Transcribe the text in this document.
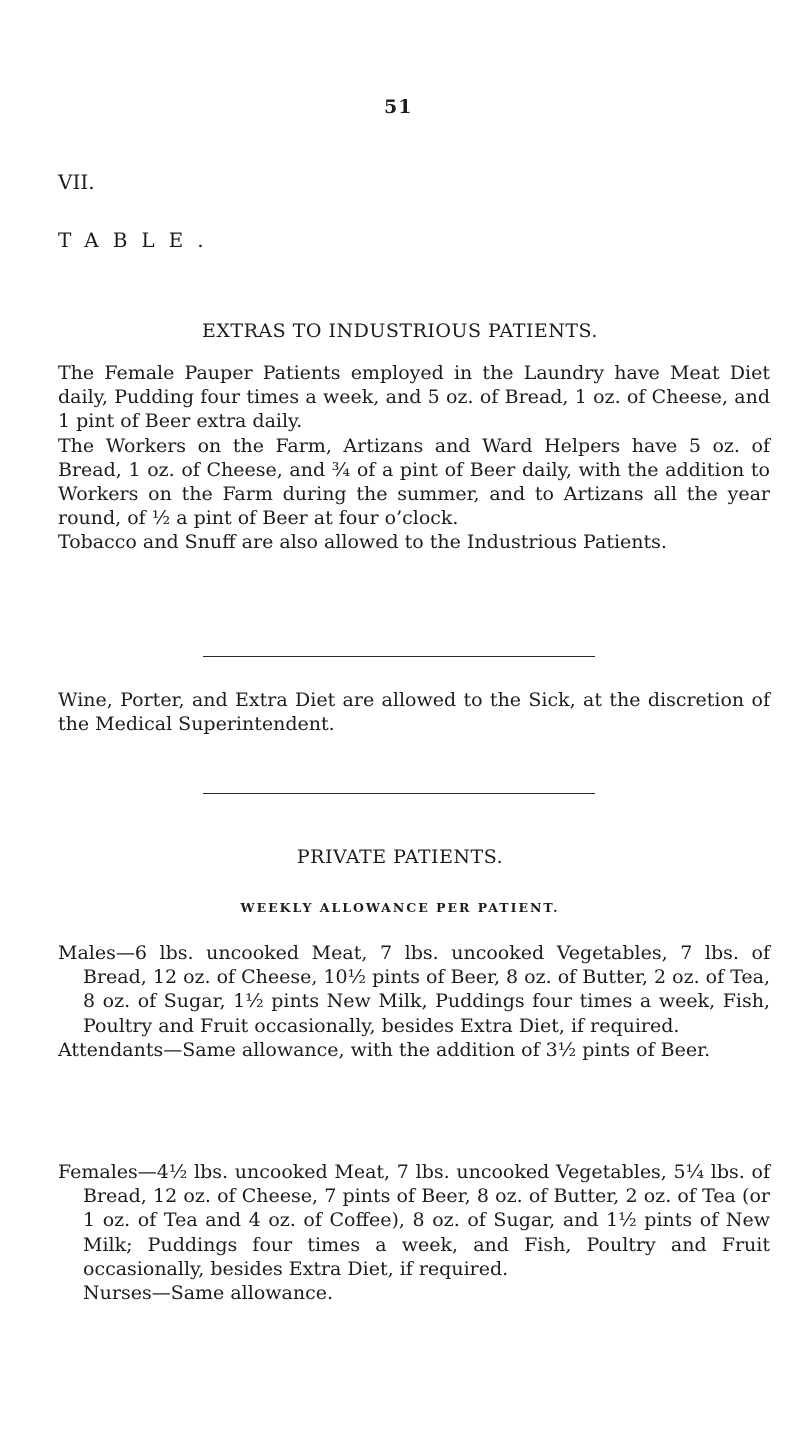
51
VII.
TABLE.
EXTRAS TO INDUSTRIOUS PATIENTS.

The Female Pauper Patients employed in the Laundry have Meat Diet daily, Pudding four times a week, and 5 oz. of Bread, 1 oz. of Cheese, and 1 pint of Beer extra daily.

The Workers on the Farm, Artizans and Ward Helpers have 5 oz. of Bread, 1 oz. of Cheese, and ¾ of a pint of Beer daily, with the addition to Workers on the Farm during the summer, and to Artizans all the year round, of ½ a pint of Beer at four o’clock.

Tobacco and Snuff are also allowed to the Industrious Patients.

Wine, Porter, and Extra Diet are allowed to the Sick, at the discretion of the Medical Superintendent.

PRIVATE PATIENTS.
WEEKLY ALLOWANCE PER PATIENT.

Males—6 lbs. uncooked Meat, 7 lbs. uncooked Vegetables, 7 lbs. of Bread, 12 oz. of Cheese, 10½ pints of Beer, 8 oz. of Butter, 2 oz. of Tea, 8 oz. of Sugar, 1½ pints New Milk, Puddings four times a week, Fish, Poultry and Fruit occasionally, besides Extra Diet, if required.

Attendants—Same allowance, with the addition of 3½ pints of Beer.

Females—4½ lbs. uncooked Meat, 7 lbs. uncooked Vegetables, 5¼ lbs. of Bread, 12 oz. of Cheese, 7 pints of Beer, 8 oz. of Butter, 2 oz. of Tea (or 1 oz. of Tea and 4 oz. of Coffee), 8 oz. of Sugar, and 1½ pints of New Milk; Puddings four times a week, and Fish, Poultry and Fruit occasionally, besides Extra Diet, if required.

Nurses—Same allowance.
